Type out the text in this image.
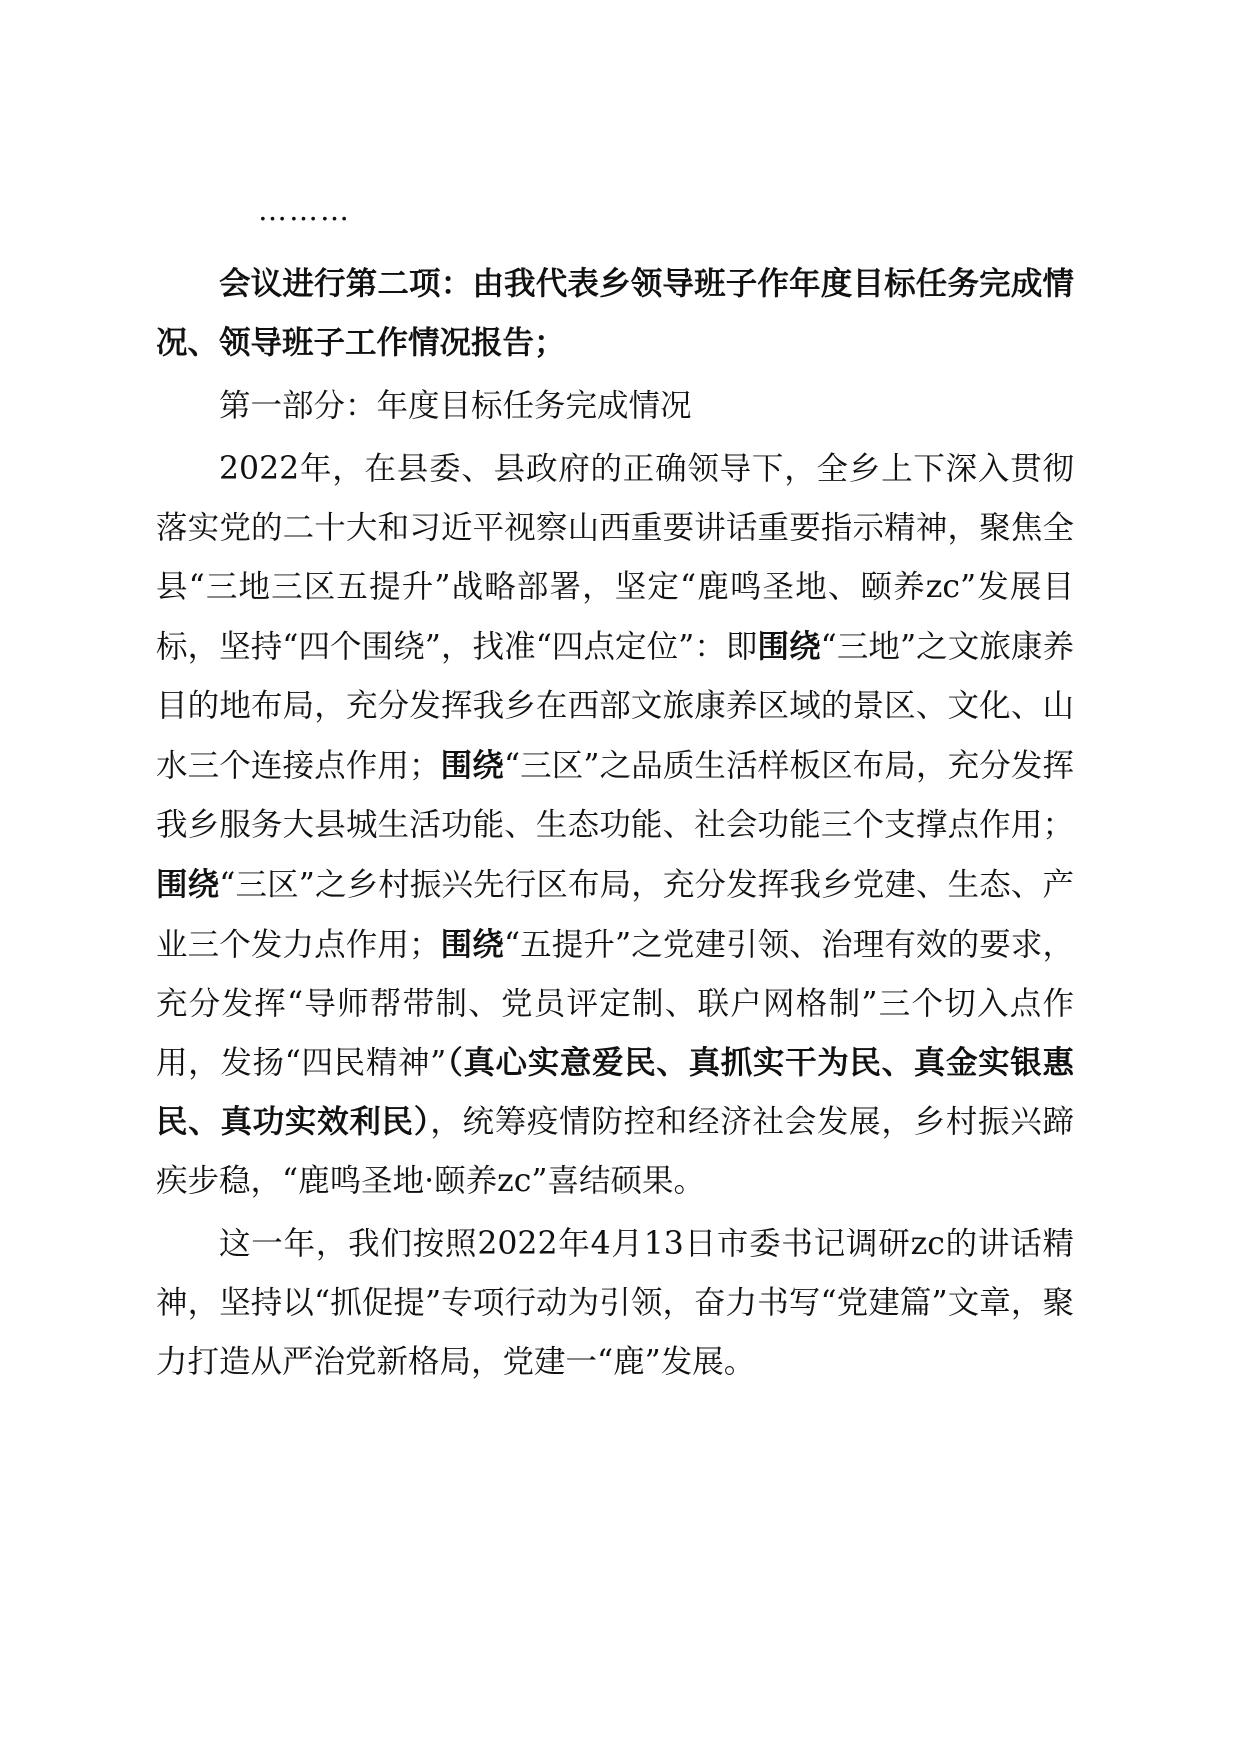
………

会议进行第二项：由我代表乡领导班子作年度目标任务完成情况、领导班子工作情况报告；

第一部分：年度目标任务完成情况

2022年，在县委、县政府的正确领导下，全乡上下深入贯彻落实党的二十大和习近平视察山西重要讲话重要指示精神，聚焦全县“三地三区五提升”战略部署，坚定“鹿鸣圣地、颐养zc”发展目标，坚持“四个围绕”，找准“四点定位”：即围绕“三地”之文旅康养目的地布局，充分发挥我乡在西部文旅康养区域的景区、文化、山水三个连接点作用；围绕“三区”之品质生活样板区布局，充分发挥我乡服务大县城生活功能、生态功能、社会功能三个支撑点作用；围绕“三区”之乡村振兴先行区布局，充分发挥我乡党建、生态、产业三个发力点作用；围绕“五提升”之党建引领、治理有效的要求，充分发挥“导师帮带制、党员评定制、联户网格制”三个切入点作用，发扬“四民精神”（真心实意爱民、真抓实干为民、真金实银惠民、真功实效利民），统筹疫情防控和经济社会发展，乡村振兴蹄疾步稳，“鹿鸣圣地·颐养zc”喜结硕果。

这一年，我们按照2022年4月13日市委书记调研zc的讲话精神，坚持以“抓促提”专项行动为引领，奋力书写“党建篇”文章，聚力打造从严治党新格局，党建一“鹿”发展。
